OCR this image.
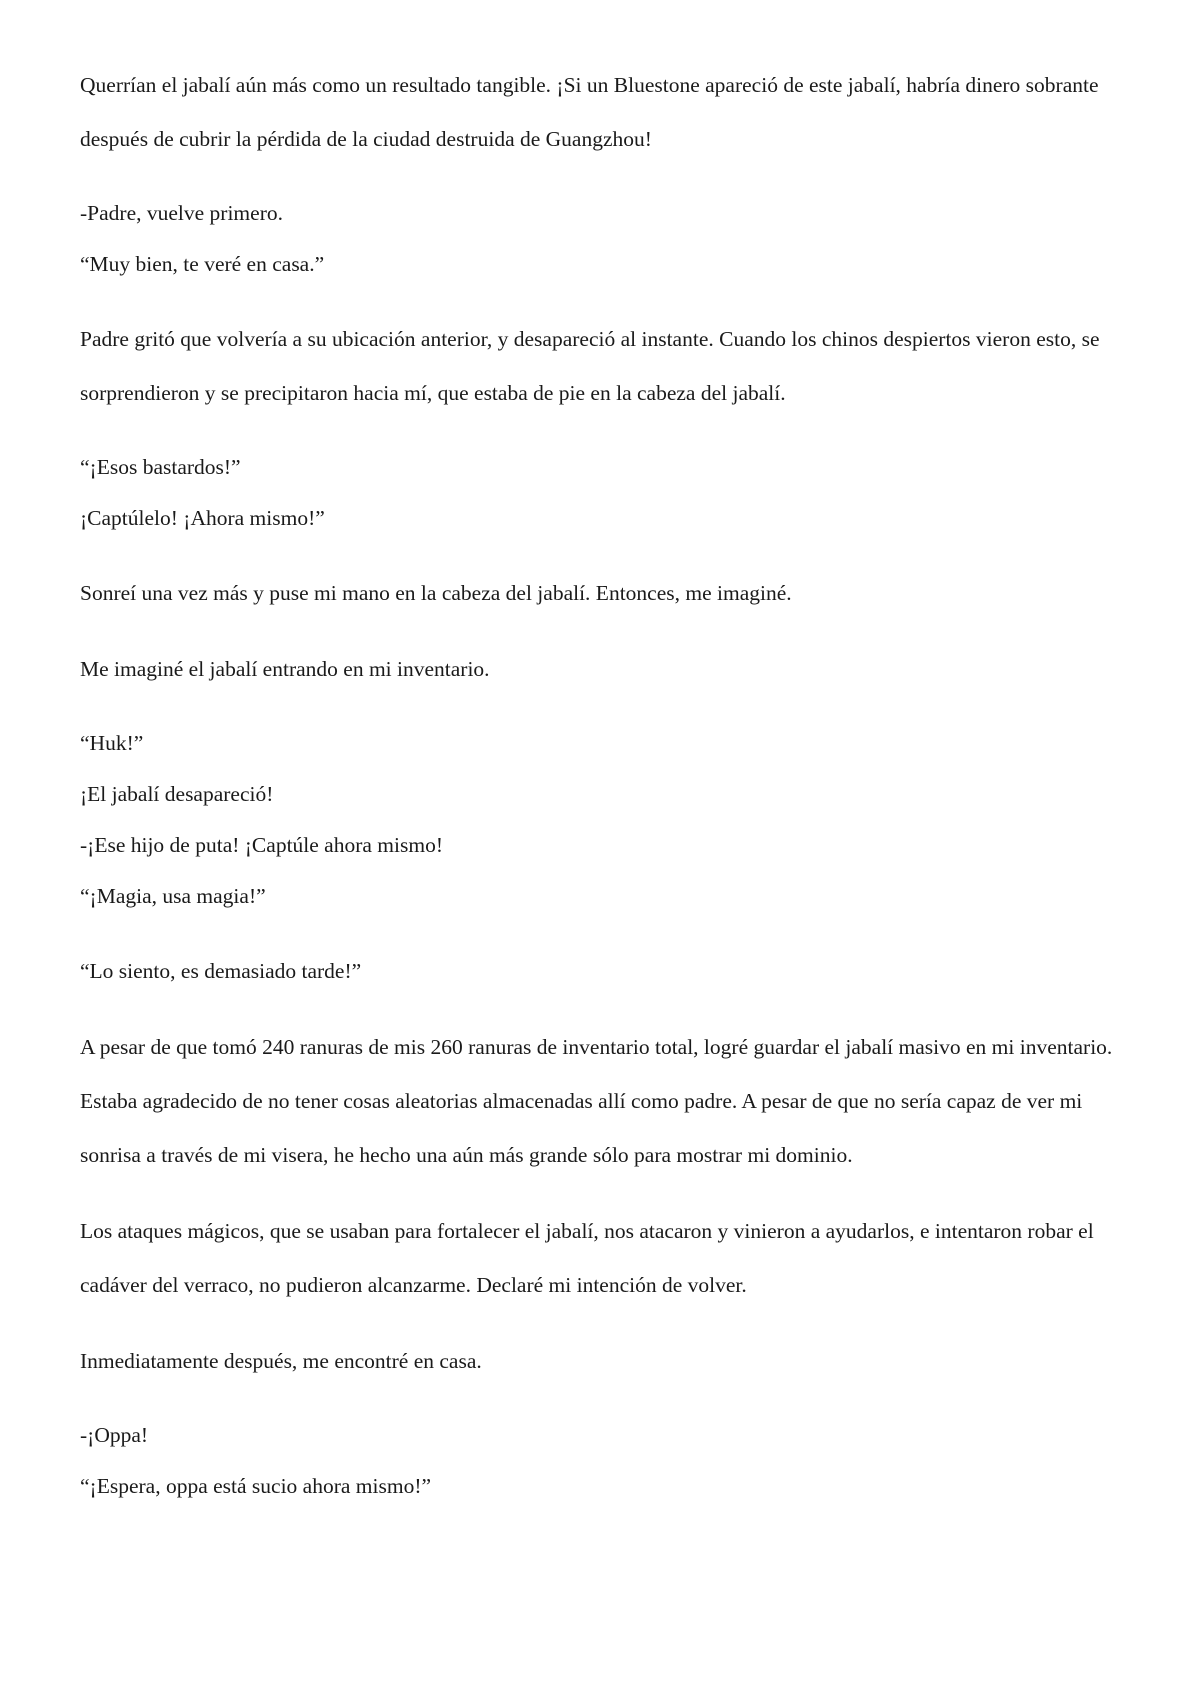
Querrían el jabalí aún más como un resultado tangible. ¡Si un Bluestone apareció de este jabalí, habría dinero sobrante después de cubrir la pérdida de la ciudad destruida de Guangzhou!

-Padre, vuelve primero.

“Muy bien, te veré en casa.”

Padre gritó que volvería a su ubicación anterior, y desapareció al instante. Cuando los chinos despiertos vieron esto, se sorprendieron y se precipitaron hacia mí, que estaba de pie en la cabeza del jabalí.

“¡Esos bastardos!”

¡Captúlelo! ¡Ahora mismo!”

Sonreí una vez más y puse mi mano en la cabeza del jabalí. Entonces, me imaginé.

Me imaginé el jabalí entrando en mi inventario.

“Huk!”

¡El jabalí desapareció!

-¡Ese hijo de puta! ¡Captúle ahora mismo!

“¡Magia, usa magia!”

“Lo siento, es demasiado tarde!”

A pesar de que tomó 240 ranuras de mis 260 ranuras de inventario total, logré guardar el jabalí masivo en mi inventario. Estaba agradecido de no tener cosas aleatorias almacenadas allí como padre. A pesar de que no sería capaz de ver mi sonrisa a través de mi visera, he hecho una aún más grande sólo para mostrar mi dominio.

Los ataques mágicos, que se usaban para fortalecer el jabalí, nos atacaron y vinieron a ayudarlos, e intentaron robar el cadáver del verraco, no pudieron alcanzarme. Declaré mi intención de volver.

Inmediatamente después, me encontré en casa.

-¡Oppa!

“¡Espera, oppa está sucio ahora mismo!”
